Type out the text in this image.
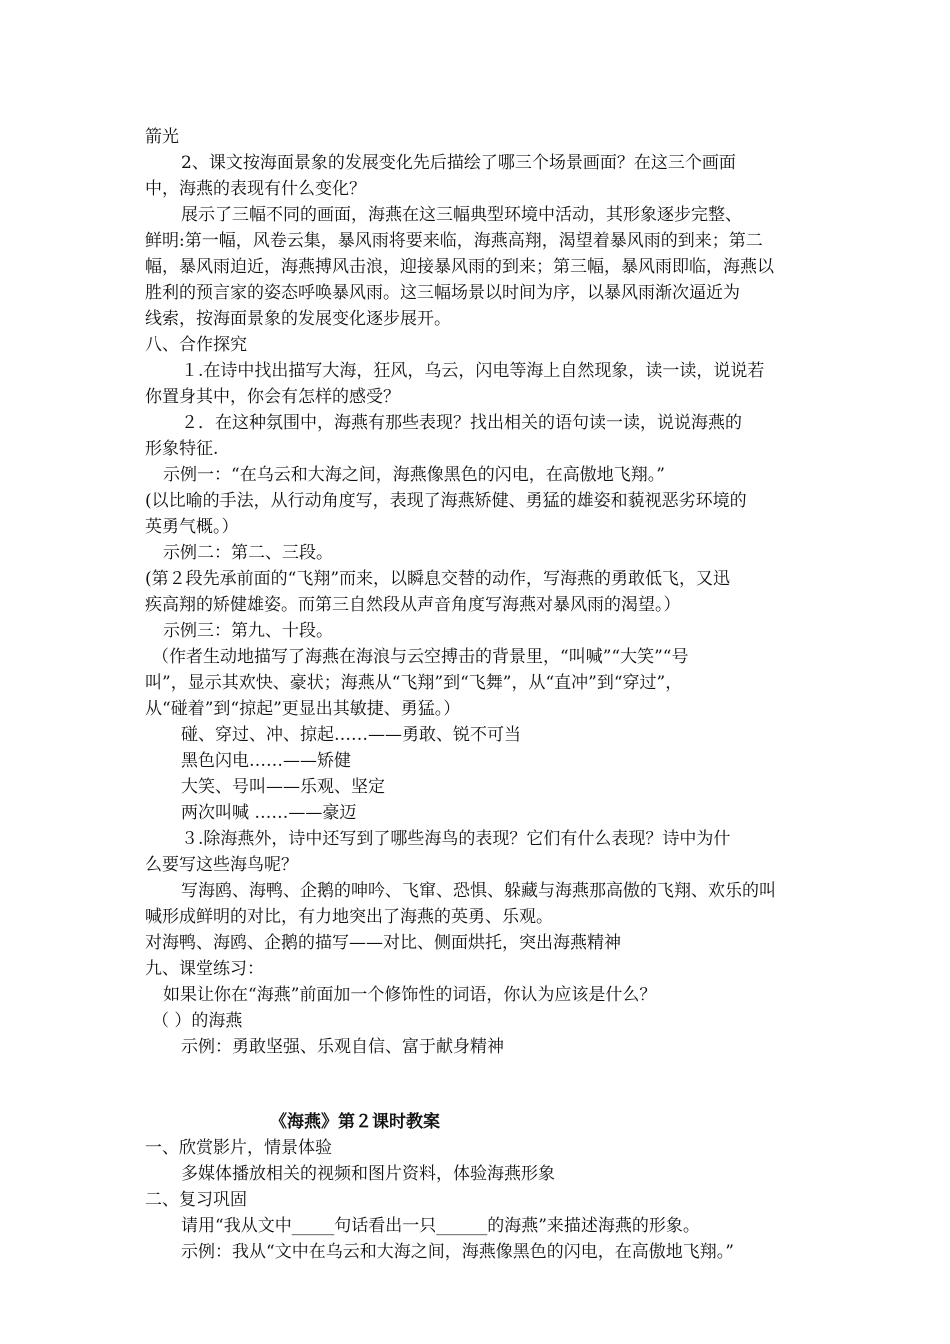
箭光
2、课文按海面景象的发展变化先后描绘了哪三个场景画面？在这三个画面
中，海燕的表现有什么变化？
展示了三幅不同的画面，海燕在这三幅典型环境中活动，其形象逐步完整、
鲜明:第一幅，风卷云集，暴风雨将要来临，海燕高翔，渴望着暴风雨的到来；第二
幅，暴风雨迫近，海燕搏风击浪，迎接暴风雨的到来；第三幅，暴风雨即临，海燕以
胜利的预言家的姿态呼唤暴风雨。这三幅场景以时间为序，以暴风雨渐次逼近为
线索，按海面景象的发展变化逐步展开。
八、合作探究
１.在诗中找出描写大海，狂风，乌云，闪电等海上自然现象，读一读，说说若
你置身其中，你会有怎样的感受？
２．在这种氛围中，海燕有那些表现？找出相关的语句读一读，说说海燕的
形象特征.
示例一：“在乌云和大海之间，海燕像黑色的闪电，在高傲地飞翔。”
(以比喻的手法，从行动角度写，表现了海燕矫健、勇猛的雄姿和藐视恶劣环境的
英勇气概。）
示例二：第二、三段。
(第２段先承前面的“飞翔”而来，以瞬息交替的动作，写海燕的勇敢低飞，又迅
疾高翔的矫健雄姿。而第三自然段从声音角度写海燕对暴风雨的渴望。）
示例三：第九、十段。
（作者生动地描写了海燕在海浪与云空搏击的背景里，“叫喊”“大笑”“号
叫”，显示其欢快、豪状；海燕从“飞翔”到“飞舞”，从“直冲”到“穿过”，
从“碰着”到“掠起”更显出其敏捷、勇猛。）
碰、穿过、冲、掠起……——勇敢、锐不可当
黑色闪电……——矫健
大笑、号叫——乐观、坚定
两次叫喊 ……——豪迈
３.除海燕外，诗中还写到了哪些海鸟的表现？它们有什么表现？诗中为什
么要写这些海鸟呢？
写海鸥、海鸭、企鹅的呻吟、飞窜、恐惧、躲藏与海燕那高傲的飞翔、欢乐的叫
喊形成鲜明的对比，有力地突出了海燕的英勇、乐观。
对海鸭、海鸥、企鹅的描写——对比、侧面烘托，突出海燕精神
九、课堂练习：
如果让你在“海燕”前面加一个修饰性的词语，你认为应该是什么？
（ ）的海燕
示例：勇敢坚强、乐观自信、富于献身精神
《海燕》第２课时教案
一、欣赏影片，情景体验
多媒体播放相关的视频和图片资料，体验海燕形象
二、复习巩固
请用“我从文中_____句话看出一只______的海燕”来描述海燕的形象。
示例：我从“文中在乌云和大海之间，海燕像黑色的闪电，在高傲地飞翔。”
